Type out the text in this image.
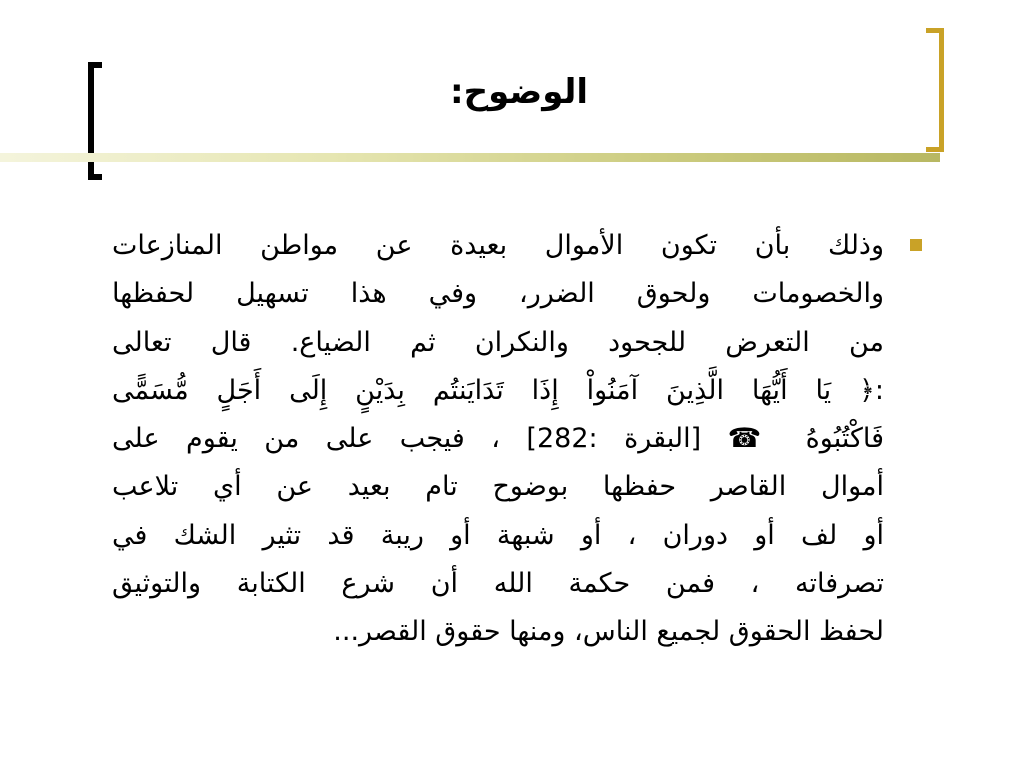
الوضوح:
وذلك بأن تكون الأموال بعيدة عن مواطن المنازعات
والخصومات ولحوق الضرر، وفي هذا تسهيل لحفظها
من التعرض للجحود والنكران ثم الضياع. قال تعالى
:﴿ يَا أَيُّهَا الَّذِينَ آمَنُواْ إِذَا تَدَايَنتُم بِدَيْنٍ إِلَى أَجَلٍ مُّسَمًّى
فَاكْتُبُوهُ ☎ [البقرة :282] ، فيجب على من يقوم على
أموال القاصر حفظها بوضوح تام بعيد عن أي تلاعب
أو لف أو دوران ، أو شبهة أو ريبة قد تثير الشك في
تصرفاته ، فمن حكمة الله أن شرع الكتابة والتوثيق
لحفظ الحقوق لجميع الناس، ومنها حقوق القصر...
